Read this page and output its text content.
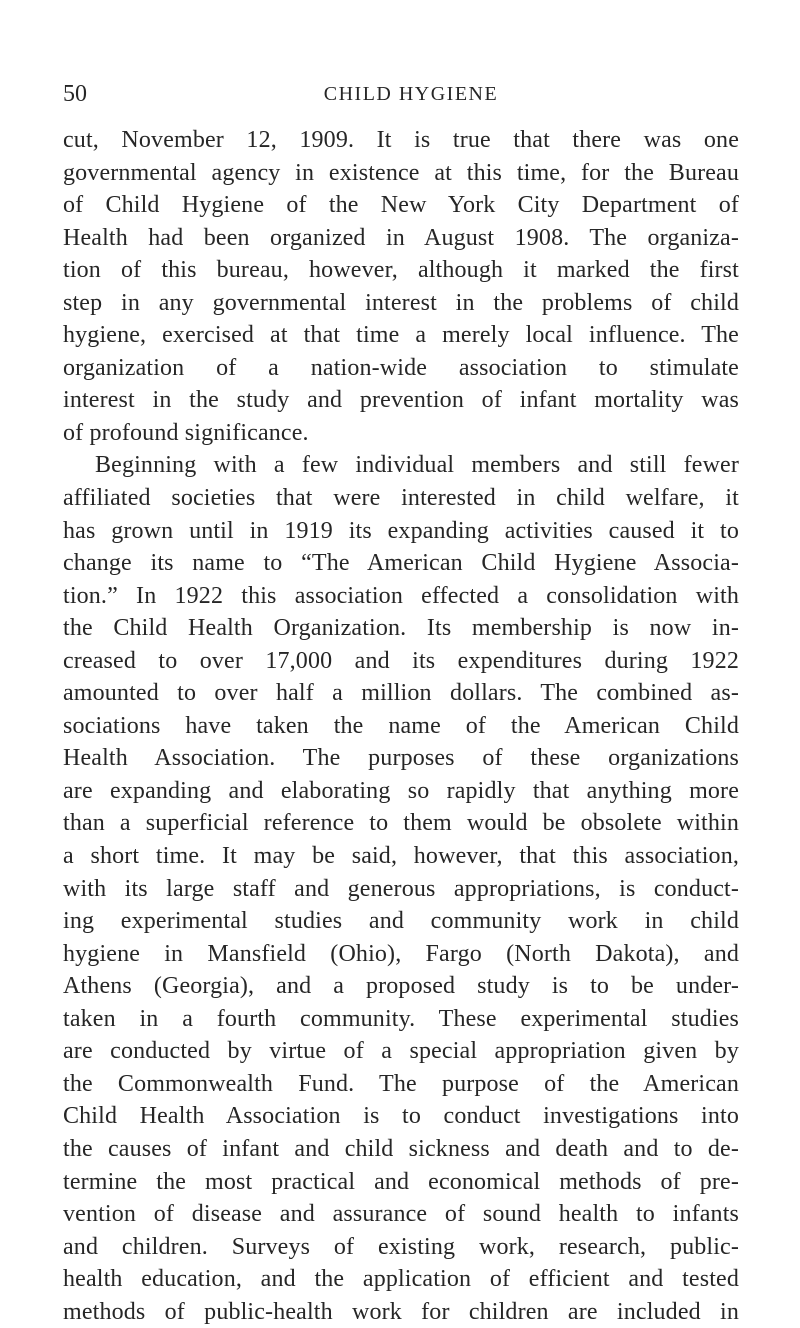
50	CHILD HYGIENE
cut, November 12, 1909. It is true that there was one
governmental agency in existence at this time, for the Bureau
of Child Hygiene of the New York City Department of
Health had been organized in August 1908. The organiza-
tion of this bureau, however, although it marked the first
step in any governmental interest in the problems of child
hygiene, exercised at that time a merely local influence. The
organization of a nation-wide association to stimulate
interest in the study and prevention of infant mortality was
of profound significance.
Beginning with a few individual members and still fewer
affiliated societies that were interested in child welfare, it
has grown until in 1919 its expanding activities caused it to
change its name to “The American Child Hygiene Associa-
tion.” In 1922 this association effected a consolidation with
the Child Health Organization. Its membership is now in-
creased to over 17,000 and its expenditures during 1922
amounted to over half a million dollars. The combined as-
sociations have taken the name of the American Child
Health Association. The purposes of these organizations
are expanding and elaborating so rapidly that anything more
than a superficial reference to them would be obsolete within
a short time. It may be said, however, that this association,
with its large staff and generous appropriations, is conduct-
ing experimental studies and community work in child
hygiene in Mansfield (Ohio), Fargo (North Dakota), and
Athens (Georgia), and a proposed study is to be under-
taken in a fourth community. These experimental studies
are conducted by virtue of a special appropriation given by
the Commonwealth Fund. The purpose of the American
Child Health Association is to conduct investigations into
the causes of infant and child sickness and death and to de-
termine the most practical and economical methods of pre-
vention of disease and assurance of sound health to infants
and children. Surveys of existing work, research, public-
health education, and the application of efficient and tested
methods of public-health work for children are included in
